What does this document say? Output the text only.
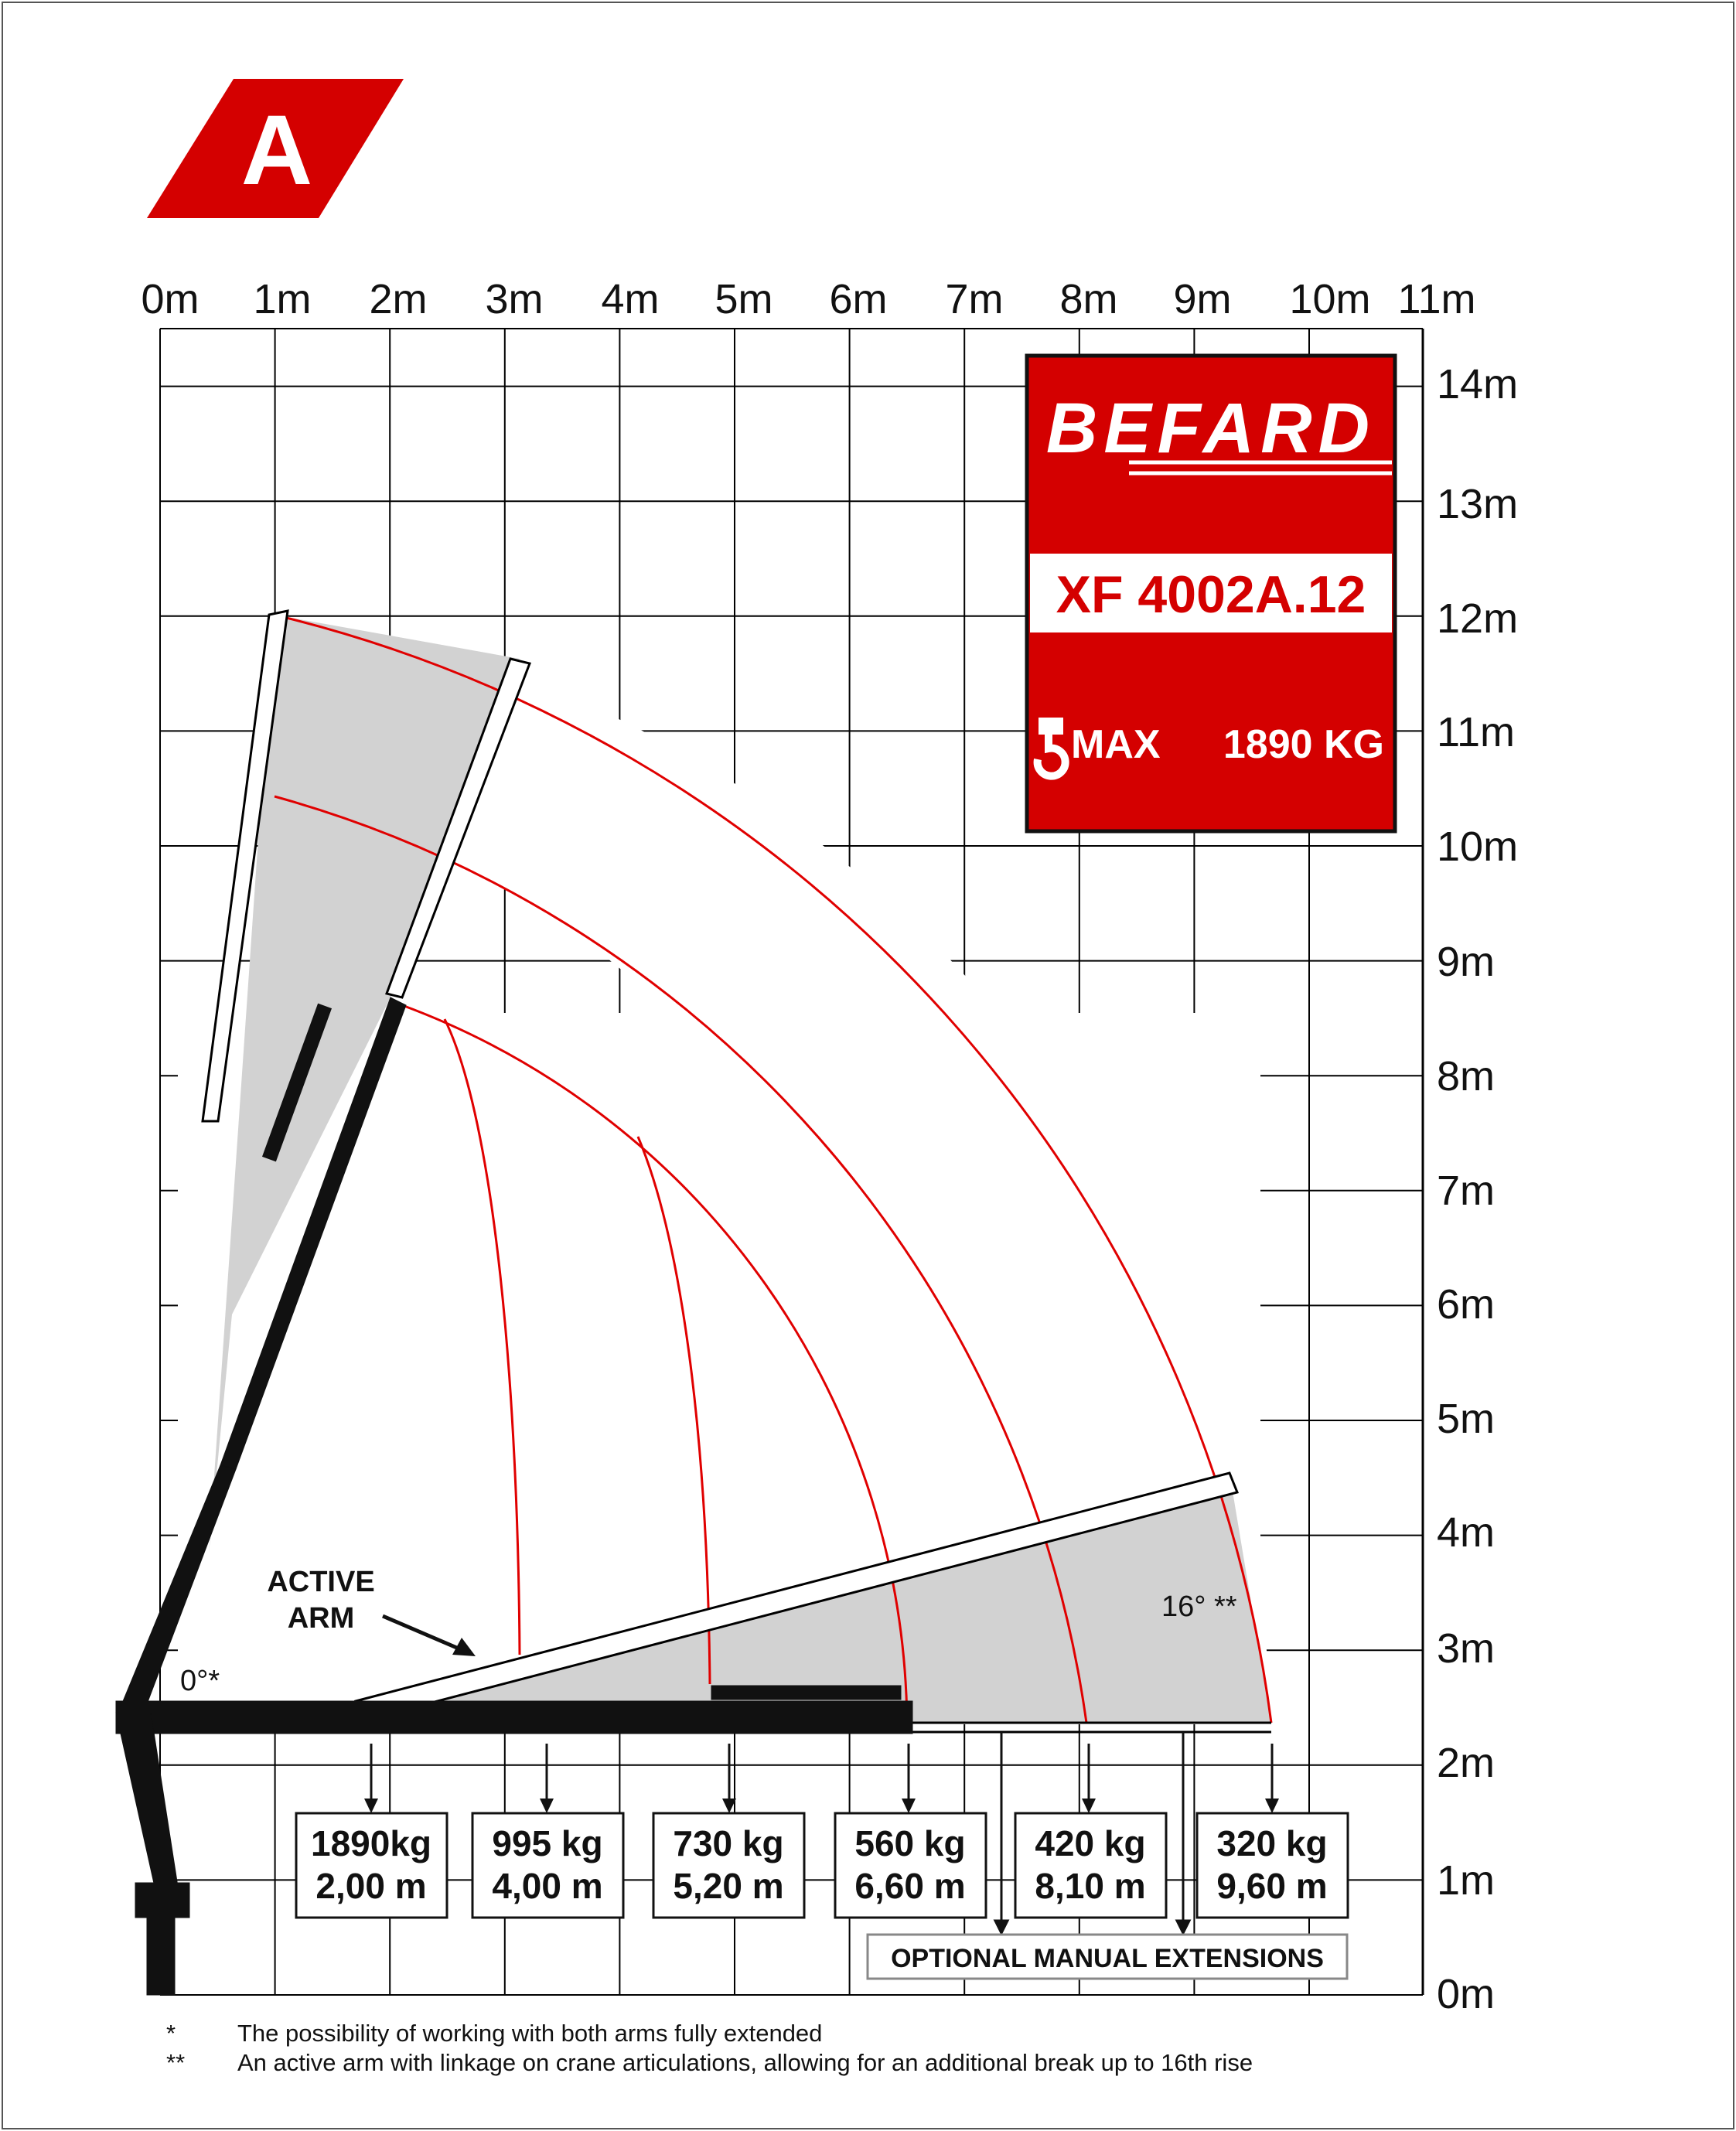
A
0m 1m 2m 3m 4m 5m 6m 7m 8m 9m 10m 11m
14m
13m
12m
11m
10m
9m
8m
7m
6m
5m
4m
3m
2m
1m
0m
ACTIVE
ARM
0°*
16° **
1890kg
2,00 m
995 kg
4,00 m
730 kg
5,20 m
560 kg
6,60 m
420 kg
8,10 m
320 kg
9,60 m
OPTIONAL MANUAL EXTENSIONS
BEFARD
XF 4002A.12
MAX 1890 KG
*	The possibility of working with both arms fully extended
** An active arm with linkage on crane articulations, allowing for an additional break up to 16th rise
